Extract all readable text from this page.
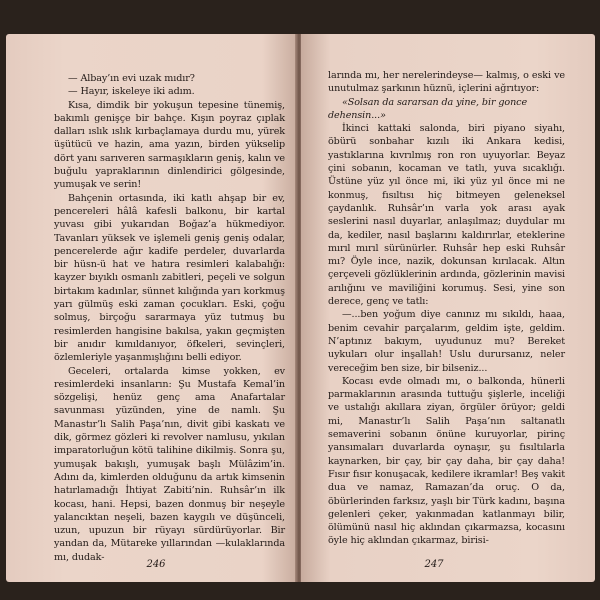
— Albay’ın evi uzak mıdır?

— Hayır, iskeleye iki adım.

Kısa, dimdik bir yokuşun tepesine tünemiş, bakımlı genişçe bir bahçe. Kışın poyraz çıplak dalları ıslık ıslık kırbaçlamaya durdu mu, yürek üşütücü ve hazin, ama yazın, birden yükselip dört yanı sarıveren sarmaşıkların geniş, kalın ve buğulu yapraklarının dinlendirici gölgesinde, yumuşak ve serin!

Bahçenin ortasında, iki katlı ahşap bir ev, pencereleri hâlâ kafesli balkonu, bir kartal yuvası gibi yukarıdan Boğaz’a hükmediyor. Tavanları yüksek ve işlemeli geniş geniş odalar, pencerelerde ağır kadife perdeler, duvarlarda bir hüsn-ü hat ve hatıra resimleri kalabalığı: kayzer bıyıklı osmanlı zabitleri, peçeli ve solgun birtakım kadınlar, sünnet kılığında yarı korkmuş yarı gülmüş eski zaman çocukları. Eski, çoğu solmuş, birçoğu sararmaya yüz tutmuş bu resimlerden hangisine bakılsa, yakın geçmişten bir anıdır kımıldanıyor, öfkeleri, sevinçleri, özlemleriyle yaşanmışlığını belli ediyor.

Geceleri, ortalarda kimse yokken, ev resimlerdeki insanların: Şu Mustafa Kemal’in sözgelişi, henüz genç ama Anafartalar savunması yüzünden, yine de namlı. Şu Manastır’lı Salih Paşa’nın, divit gibi kaskatı ve dik, görmez gözleri ki revolver namlusu, yıkılan imparatorluğun kötü talihine dikilmiş. Sonra şu, yumuşak bakışlı, yumuşak başlı Mülâzim’in. Adını da, kimlerden olduğunu da artık kimsenin hatırlamadığı İhtiyat Zabiti’nin. Ruhsâr’ın ilk kocası, hani. Hepsi, bazen donmuş bir neşeyle yalancıktan neşeli, bazen kaygılı ve düşünceli, uzun, upuzun bir rüyayı sürdürüyorlar. Bir yandan da, Mütareke yıllarından —kulaklarında mı, dudak-

246

larında mı, her nerelerindeyse— kalmış, o eski ve unutulmaz şarkının hüznü, içlerini ağrıtıyor:

«Solsan da sararsan da yine, bir gonce dehensin...»

İkinci kattaki salonda, biri piyano siyahı, öbürü sonbahar kızılı iki Ankara kedisi, yastıklarına kıvrılmış ron ron uyuyorlar. Beyaz çini sobanın, kocaman ve tatlı, yuva sıcaklığı. Üstüne yüz yıl önce mi, iki yüz yıl önce mi ne konmuş, fısıltısı hiç bitmeyen geleneksel çaydanlık. Ruhsâr’ın varla yok arası ayak seslerini nasıl duyarlar, anlaşılmaz; duydular mı da, kediler, nasıl başlarını kaldırırlar, eteklerine mırıl mırıl sürünürler. Ruhsâr hep eski Ruhsâr mı? Öyle ince, nazik, dokunsan kırılacak. Altın çerçeveli gözlüklerinin ardında, gözlerinin mavisi arılığını ve maviliğini korumuş. Sesi, yine son derece, genç ve tatlı:

—...ben yoğum diye canınız mı sıkıldı, haaa, benim cevahir parçalarım, geldim işte, geldim. N’aptınız bakıym, uyudunuz mu? Bereket uykuları olur inşallah! Uslu durursanız, neler vereceğim ben size, bir bilseniz...

Kocası evde olmadı mı, o balkonda, hünerli parmaklarının arasında tuttuğu şişlerle, inceliği ve ustalığı akıllara ziyan, örgüler örüyor; geldi mi, Manastır’lı Salih Paşa’nın saltanatlı semaverini sobanın önüne kuruyorlar, pirinç yansımaları duvarlarda oynaşır, şu fısıltılarla kaynarken, bir çay, bir çay daha, bir çay daha! Fısır fısır konuşacak, kedilere ikramlar! Beş vakit dua ve namaz, Ramazan’da oruç. O da, öbürlerinden farksız, yaşlı bir Türk kadını, başına gelenleri çeker, yakınmadan katlanmayı bilir, ölümünü nasıl hiç aklından çıkarmazsa, kocasını öyle hiç aklından çıkarmaz, birisi-

247
